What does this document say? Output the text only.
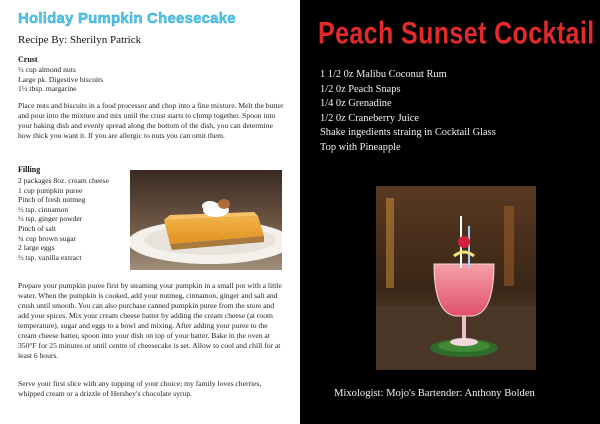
Holiday Pumpkin Cheesecake
Recipe By: Sherilyn Patrick
Crust
½ cup almond nuts
Large pk. Digestive biscuits
1½ tbsp. margarine
Place nuts and biscuits in a food processor and chop into a fine mixture. Melt the butter and pour into the mixture and mix until the crust starts to clump together. Spoon into your baking dish and evenly spread along the bottom of the dish, you can determine how thick you want it. If you are allergic to nuts you can omit them.
Filling
2 packages 8oz. cream cheese
1 cup pumpkin puree
Pinch of fresh nutmeg
½ tsp. cinnamon
½ tsp. ginger powder
Pinch of salt
¾ cup brown sugar
2 large eggs
½ tsp. vanilla extract
Prepare your pumpkin puree first by steaming your pumpkin in a small pot with a little water. When the pumpkin is cooked, add your nutmeg, cinnamon, ginger and salt and crush until smooth. You can also purchase canned pumpkin puree from the store and add your spices. Mix your cream cheese batter by adding the cream cheese (at room temperature), sugar and eggs to a bowl and mixing. After adding your puree to the cream cheese batter, spoon into your dish on top of your batter. Bake in the oven at 350°F for 25 minutes or until centre of cheesecake is set. Allow to cool and chill for at least 6 hours.
Serve your first slice with any topping of your choice; my family loves cherries, whipped cream or a drizzle of Hershey's chocolate syrup.
Peach Sunset Cocktail
1 1/2 0z Malibu Coconut Rum
1/2 0z Peach Snaps
1/4 0z Grenadine
1/2 0z Craneberry Juice
Shake ingedients straing in Cocktail Glass
Top with Pineapple
Mixologist: Mojo's Bartender: Anthony Bolden
